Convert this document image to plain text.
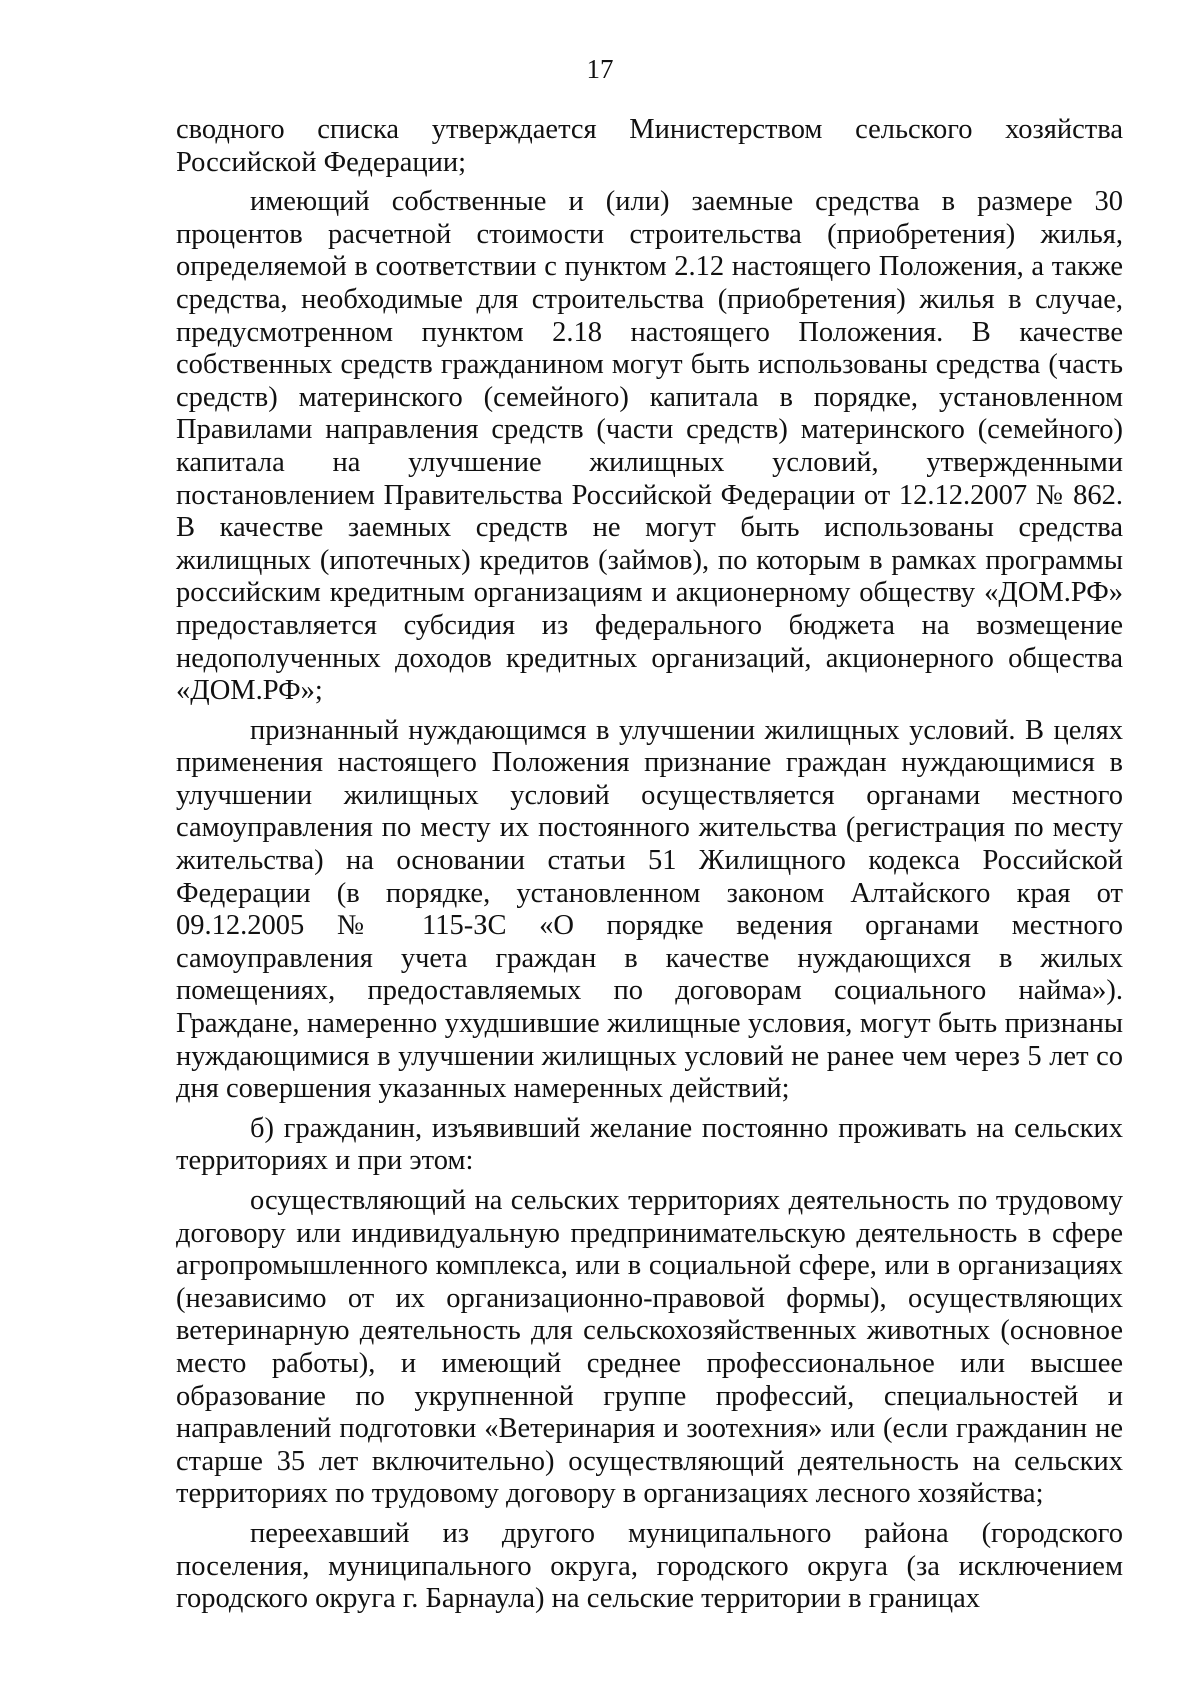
17

сводного списка утверждается Министерством сельского хозяйства Российской Федерации;

имеющий собственные и (или) заемные средства в размере 30 процентов расчетной стоимости строительства (приобретения) жилья, определяемой в соответствии с пунктом 2.12 настоящего Положения, а также средства, необходимые для строительства (приобретения) жилья в случае, предусмотренном пунктом 2.18 настоящего Положения. В качестве собственных средств гражданином могут быть использованы средства (часть средств) материнского (семейного) капитала в порядке, установленном Правилами направления средств (части средств) материнского (семейного) капитала на улучшение жилищных условий, утвержденными постановлением Правительства Российской Федерации от 12.12.2007 № 862. В качестве заемных средств не могут быть использованы средства жилищных (ипотечных) кредитов (займов), по которым в рамках программы российским кредитным организациям и акционерному обществу «ДОМ.РФ» предоставляется субсидия из федерального бюджета на возмещение недополученных доходов кредитных организаций, акционерного общества «ДОМ.РФ»;

признанный нуждающимся в улучшении жилищных условий. В целях применения настоящего Положения признание граждан нуждающимися в улучшении жилищных условий осуществляется органами местного самоуправления по месту их постоянного жительства (регистрация по месту жительства) на основании статьи 51 Жилищного кодекса Российской Федерации (в порядке, установленном законом Алтайского края от 09.12.2005 № 115-ЗС «О порядке ведения органами местного самоуправления учета граждан в качестве нуждающихся в жилых помещениях, предоставляемых по договорам социального найма»). Граждане, намеренно ухудшившие жилищные условия, могут быть признаны нуждающимися в улучшении жилищных условий не ранее чем через 5 лет со дня совершения указанных намеренных действий;

б) гражданин, изъявивший желание постоянно проживать на сельских территориях и при этом:

осуществляющий на сельских территориях деятельность по трудовому договору или индивидуальную предпринимательскую деятельность в сфере агропромышленного комплекса, или в социальной сфере, или в организациях (независимо от их организационно-правовой формы), осуществляющих ветеринарную деятельность для сельскохозяйственных животных (основное место работы), и имеющий среднее профессиональное или высшее образование по укрупненной группе профессий, специальностей и направлений подготовки «Ветеринария и зоотехния» или (если гражданин не старше 35 лет включительно) осуществляющий деятельность на сельских территориях по трудовому договору в организациях лесного хозяйства;

переехавший из другого муниципального района (городского поселения, муниципального округа, городского округа (за исключением городского округа г. Барнаула) на сельские территории в границах
